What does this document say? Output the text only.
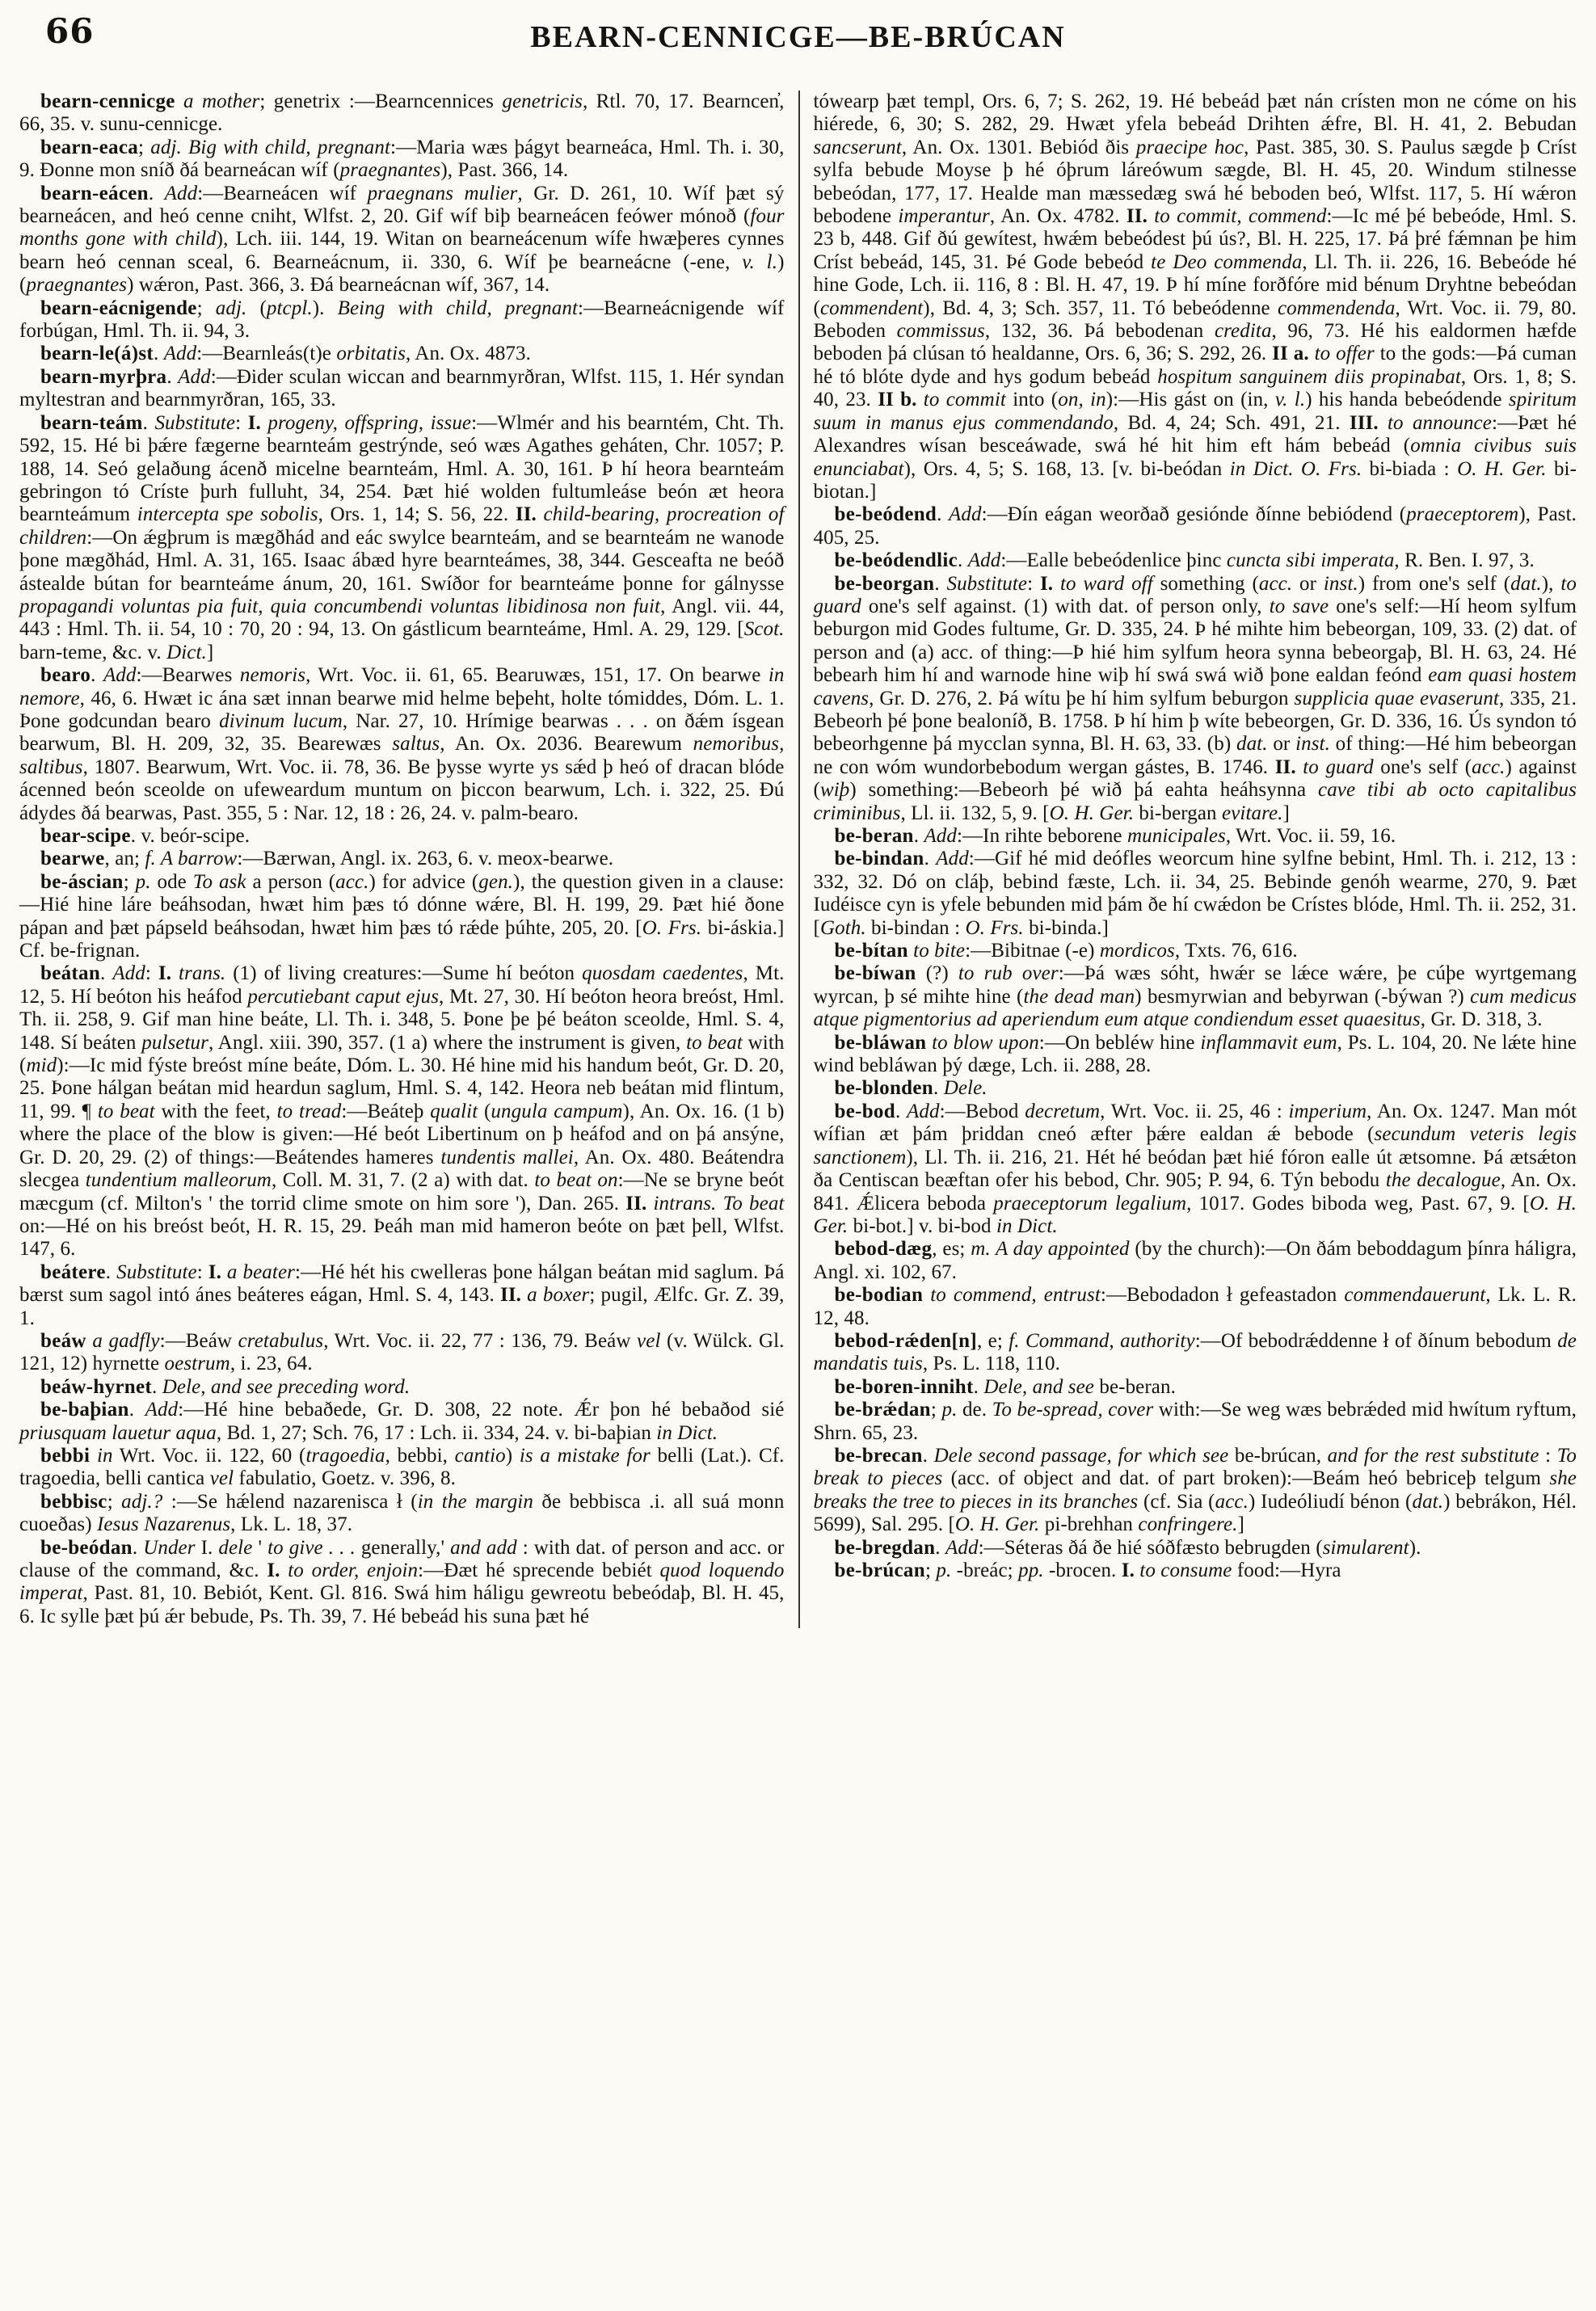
66	BEARN-CENNICGE—BE-BRÚCAN

bearn-cennicge a mother; genetrix :—Bearncennices genetricis, Rtl. 70, 17. Bearncen̓, 66, 35. v. sunu-cennicge.

bearn-eaca; adj. Big with child, pregnant:—Maria wæs þágyt bearneáca, Hml. Th. i. 30, 9. Ðonne mon sníð ðá bearneácan wíf (praegnantes), Past. 366, 14.

bearn-eácen. Add:—Bearneácen wíf praegnans mulier, Gr. D. 261, 10. Wíf þæt sý bearneácen, and heó cenne cniht, Wlfst. 2, 20. Gif wíf biþ bearneácen feówer mónoð (four months gone with child), Lch. iii. 144, 19. Witan on bearneácenum wífe hwæþeres cynnes bearn heó cennan sceal, 6. Bearneácnum, ii. 330, 6. Wíf þe bearneácne (-ene, v. l.) (praegnantes) wǽron, Past. 366, 3. Ðá bearneácnan wíf, 367, 14.

bearn-eácnigende; adj. (ptcpl.). Being with child, pregnant:—Bearneácnigende wíf forbúgan, Hml. Th. ii. 94, 3.

bearn-le(á)st. Add:—Bearnleás(t)e orbitatis, An. Ox. 4873.

bearn-myrþra. Add:—Ðider sculan wiccan and bearnmyrðran, Wlfst. 115, 1. Hér syndan myltestran and bearnmyrðran, 165, 33.

bearn-teám. Substitute: I. progeny, offspring, issue:—Wlmér and his bearntém, Cht. Th. 592, 15. Hé bi þǽre fægerne bearnteám gestrýnde, seó wæs Agathes geháten, Chr. 1057; P. 188, 14. Seó gelaðung ácenð micelne bearnteám, Hml. A. 30, 161. Þ hí heora bearnteám gebringon tó Críste þurh fulluht, 34, 254. Þæt hié wolden fultumleáse beón æt heora bearnteámum intercepta spe sobolis, Ors. 1, 14; S. 56, 22. II. child-bearing, procreation of children:—On ǽgþrum is mægðhád and eác swylce bearnteám, and se bearnteám ne wanode þone mægðhád, Hml. A. 31, 165. Isaac ábæd hyre bearnteámes, 38, 344. Gesceafta ne beóð ástealde bútan for bearnteáme ánum, 20, 161. Swíðor for bearnteáme þonne for gálnysse propagandi voluntas pia fuit, quia concumbendi voluntas libidinosa non fuit, Angl. vii. 44, 443 : Hml. Th. ii. 54, 10 : 70, 20 : 94, 13. On gástlicum bearnteáme, Hml. A. 29, 129. [Scot. barn-teme, &c. v. Dict.]

bearo. Add:—Bearwes nemoris, Wrt. Voc. ii. 61, 65. Bearuwæs, 151, 17. On bearwe in nemore, 46, 6. Hwæt ic ána sæt innan bearwe mid helme beþeht, holte tómiddes, Dóm. L. 1. Þone godcundan bearo divinum lucum, Nar. 27, 10. Hrímige bearwas . . . on ðǽm ísgean bearwum, Bl. H. 209, 32, 35. Bearewæs saltus, An. Ox. 2036. Bearewum nemoribus, saltibus, 1807. Bearwum, Wrt. Voc. ii. 78, 36. Be þysse wyrte ys sǽd þ heó of dracan blóde ácenned beón sceolde on ufeweardum muntum on þiccon bearwum, Lch. i. 322, 25. Ðú ádydes ðá bearwas, Past. 355, 5 : Nar. 12, 18 : 26, 24. v. palm-bearo.

bear-scipe. v. beór-scipe.

bearwe, an; f. A barrow:—Bærwan, Angl. ix. 263, 6. v. meox-bearwe.

be-áscian; p. ode To ask a person (acc.) for advice (gen.), the question given in a clause:—Hié hine láre beáhsodan, hwæt him þæs tó dónne wǽre, Bl. H. 199, 29. Þæt hié ðone pápan and þæt pápseld beáhsodan, hwæt him þæs tó rǽde þúhte, 205, 20. [O. Frs. bi-áskia.] Cf. be-frignan.

beátan. Add: I. trans. (1) of living creatures:—Sume hí beóton quosdam caedentes, Mt. 12, 5. Hí beóton his heáfod percutiebant caput ejus, Mt. 27, 30. Hí beóton heora breóst, Hml. Th. ii. 258, 9. Gif man hine beáte, Ll. Th. i. 348, 5. Þone þe þé beáton sceolde, Hml. S. 4, 148. Sí beáten pulsetur, Angl. xiii. 390, 357. (1 a) where the instrument is given, to beat with (mid):—Ic mid fýste breóst míne beáte, Dóm. L. 30. Hé hine mid his handum beót, Gr. D. 20, 25. Þone hálgan beátan mid heardun saglum, Hml. S. 4, 142. Heora neb beátan mid flintum, 11, 99. ¶ to beat with the feet, to tread:—Beáteþ qualit (ungula campum), An. Ox. 16. (1 b) where the place of the blow is given:—Hé beót Libertinum on þ heáfod and on þá ansýne, Gr. D. 20, 29. (2) of things:—Beátendes hameres tundentis mallei, An. Ox. 480. Beátendra slecgea tundentium malleorum, Coll. M. 31, 7. (2 a) with dat. to beat on:—Ne se bryne beót mæcgum (cf. Milton's ' the torrid clime smote on him sore '), Dan. 265. II. intrans. To beat on:—Hé on his breóst beót, H. R. 15, 29. Þeáh man mid hameron beóte on þæt þell, Wlfst. 147, 6.

beátere. Substitute: I. a beater:—Hé hét his cwelleras þone hálgan beátan mid saglum. Þá bærst sum sagol intó ánes beáteres eágan, Hml. S. 4, 143. II. a boxer; pugil, Ælfc. Gr. Z. 39, 1.

beáw a gadfly:—Beáw cretabulus, Wrt. Voc. ii. 22, 77 : 136, 79. Beáw vel (v. Wülck. Gl. 121, 12) hyrnette oestrum, i. 23, 64.

beáw-hyrnet. Dele, and see preceding word.

be-baþian. Add:—Hé hine bebaðede, Gr. D. 308, 22 note. Ǽr þon hé bebaðod sié priusquam lauetur aqua, Bd. 1, 27; Sch. 76, 17 : Lch. ii. 334, 24. v. bi-baþian in Dict.

bebbi in Wrt. Voc. ii. 122, 60 (tragoedia, bebbi, cantio) is a mistake for belli (Lat.). Cf. tragoedia, belli cantica vel fabulatio, Goetz. v. 396, 8.

bebbisc; adj.? :—Se hǽlend nazarenisca ł (in the margin ðe bebbisca .i. all suá monn cuoeðas) Iesus Nazarenus, Lk. L. 18, 37.

be-beódan. Under I. dele ' to give . . . generally,' and add : with dat. of person and acc. or clause of the command, &c. I. to order, enjoin:—Ðæt hé sprecende bebiét quod loquendo imperat, Past. 81, 10. Bebiót, Kent. Gl. 816. Swá him háligu gewreotu bebeódaþ, Bl. H. 45, 6. Ic sylle þæt þú ǽr bebude, Ps. Th. 39, 7. Hé bebeád his suna þæt hé

tówearp þæt templ, Ors. 6, 7; S. 262, 19. Hé bebeád þæt nán crísten mon ne cóme on his hiérede, 6, 30; S. 282, 29. Hwæt yfela bebeád Drihten ǽfre, Bl. H. 41, 2. Bebudan sancserunt, An. Ox. 1301. Bebiód ðis praecipe hoc, Past. 385, 30. S. Paulus sægde þ Críst sylfa bebude Moyse þ hé óþrum láreówum sægde, Bl. H. 45, 20. Windum stilnesse bebeódan, 177, 17. Healde man mæssedæg swá hé beboden beó, Wlfst. 117, 5. Hí wǽron bebodene imperantur, An. Ox. 4782. II. to commit, commend:—Ic mé þé bebeóde, Hml. S. 23 b, 448. Gif ðú gewítest, hwǽm bebeódest þú ús?, Bl. H. 225, 17. Þá þré fǽmnan þe him Críst bebeád, 145, 31. Þé Gode bebeód te Deo commenda, Ll. Th. ii. 226, 16. Bebeóde hé hine Gode, Lch. ii. 116, 8 : Bl. H. 47, 19. Þ hí míne forðfóre mid bénum Dryhtne bebeódan (commendent), Bd. 4, 3; Sch. 357, 11. Tó bebeódenne commendenda, Wrt. Voc. ii. 79, 80. Beboden commissus, 132, 36. Þá bebodenan credita, 96, 73. Hé his ealdormen hæfde beboden þá clúsan tó healdanne, Ors. 6, 36; S. 292, 26. II a. to offer to the gods:—Þá cuman hé tó blóte dyde and hys godum bebeád hospitum sanguinem diis propinabat, Ors. 1, 8; S. 40, 23. II b. to commit into (on, in):—His gást on (in, v. l.) his handa bebeódende spiritum suum in manus ejus commendando, Bd. 4, 24; Sch. 491, 21. III. to announce:—Þæt hé Alexandres wísan besceáwade, swá hé hit him eft hám bebeád (omnia civibus suis enunciabat), Ors. 4, 5; S. 168, 13. [v. bi-beódan in Dict. O. Frs. bi-biada : O. H. Ger. bi-biotan.]

be-beódend. Add:—Ðín eágan weorðað gesiónde ðínne bebiódend (praeceptorem), Past. 405, 25.

be-beódendlic. Add:—Ealle bebeódenlice þinc cuncta sibi imperata, R. Ben. I. 97, 3.

be-beorgan. Substitute: I. to ward off something (acc. or inst.) from one's self (dat.), to guard one's self against. (1) with dat. of person only, to save one's self:—Hí heom sylfum beburgon mid Godes fultume, Gr. D. 335, 24. Þ hé mihte him bebeorgan, 109, 33. (2) dat. of person and (a) acc. of thing:—Þ hié him sylfum heora synna bebeorgaþ, Bl. H. 63, 24. Hé bebearh him hí and warnode hine wiþ hí swá swá wið þone ealdan feónd eam quasi hostem cavens, Gr. D. 276, 2. Þá wítu þe hí him sylfum beburgon supplicia quae evaserunt, 335, 21. Bebeorh þé þone bealoníð, B. 1758. Þ hí him þ wíte bebeorgen, Gr. D. 336, 16. Ús syndon tó bebeorhgenne þá mycclan synna, Bl. H. 63, 33. (b) dat. or inst. of thing:—Hé him bebeorgan ne con wóm wundorbebodum wergan gástes, B. 1746. II. to guard one's self (acc.) against (wiþ) something:—Bebeorh þé wið þá eahta heáhsynna cave tibi ab octo capitalibus criminibus, Ll. ii. 132, 5, 9. [O. H. Ger. bi-bergan evitare.]

be-beran. Add:—In rihte beborene municipales, Wrt. Voc. ii. 59, 16.

be-bindan. Add:—Gif hé mid deófles weorcum hine sylfne bebint, Hml. Th. i. 212, 13 : 332, 32. Dó on cláþ, bebind fæste, Lch. ii. 34, 25. Bebinde genóh wearme, 270, 9. Þæt Iudéisce cyn is yfele bebunden mid þám ðe hí cwǽdon be Crístes blóde, Hml. Th. ii. 252, 31. [Goth. bi-bindan : O. Frs. bi-binda.]

be-bítan to bite:—Bibitnae (-e) mordicos, Txts. 76, 616.

be-bíwan (?) to rub over:—Þá wæs sóht, hwǽr se lǽce wǽre, þe cúþe wyrtgemang wyrcan, þ sé mihte hine (the dead man) besmyrwian and bebyrwan (-býwan ?) cum medicus atque pigmentorius ad aperiendum eum atque condiendum esset quaesitus, Gr. D. 318, 3.

be-bláwan to blow upon:—On bebléw hine inflammavit eum, Ps. L. 104, 20. Ne lǽte hine wind bebláwan þý dæge, Lch. ii. 288, 28.

be-blonden. Dele.

be-bod. Add:—Bebod decretum, Wrt. Voc. ii. 25, 46 : imperium, An. Ox. 1247. Man mót wífian æt þám þriddan cneó æfter þǽre ealdan ǽ bebode (secundum veteris legis sanctionem), Ll. Th. ii. 216, 21. Hét hé beódan þæt hié fóron ealle út ætsomne. Þá ætsǽton ða Centiscan beæftan ofer his bebod, Chr. 905; P. 94, 6. Týn bebodu the decalogue, An. Ox. 841. Ǽlicera beboda praeceptorum legalium, 1017. Godes biboda weg, Past. 67, 9. [O. H. Ger. bi-bot.] v. bi-bod in Dict.

bebod-dæg, es; m. A day appointed (by the church):—On ðám beboddagum þínra háligra, Angl. xi. 102, 67.

be-bodian to commend, entrust:—Bebodadon ł gefeastadon commendauerunt, Lk. L. R. 12, 48.

bebod-rǽden[n], e; f. Command, authority:—Of bebodrǽddenne ł of ðínum bebodum de mandatis tuis, Ps. L. 118, 110.

be-boren-inniht. Dele, and see be-beran.

be-brǽdan; p. de. To be-spread, cover with:—Se weg wæs bebrǽded mid hwítum ryftum, Shrn. 65, 23.

be-brecan. Dele second passage, for which see be-brúcan, and for the rest substitute : To break to pieces (acc. of object and dat. of part broken):—Beám heó bebriceþ telgum she breaks the tree to pieces in its branches (cf. Sia (acc.) Iudeóliudí bénon (dat.) bebrákon, Hél. 5699), Sal. 295. [O. H. Ger. pi-brehhan confringere.]

be-bregdan. Add:—Séteras ðá ðe hié sóðfæsto bebrugden (simularent).

be-brúcan; p. -breác; pp. -brocen. I. to consume food:—Hyra
